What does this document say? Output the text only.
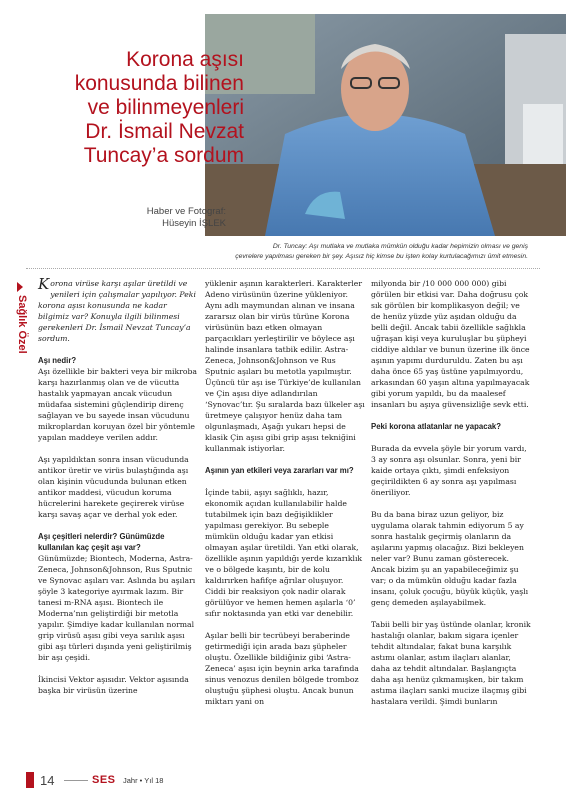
Korona aşısı
konusunda bilinen
ve bilinmeyenleri
Dr. İsmail Nevzat
Tuncay’a sordum
Haber ve Fotograf:
Hüseyin İŞLEK
Dr. Tuncay: Aşı mutlaka ve mutlaka mümkün olduğu kadar hepimizin olması ve geniş
çevrelere yapılması gereken bir şey. Aşısız hiç kimse bu işten kolay kurtulacağımızı ümit etmesin.
Sağlık Özel

Korona virüse karşı aşılar üretildi ve yenileri için çalışmalar yapılıyor. Peki korona aşısı konusunda ne kadar bilgimiz var? Konuyla ilgili bilinmesi gerekenleri Dr. İsmail Nevzat Tuncay’a sordum.

Aşı nedir?

Aşı özellikle bir bakteri veya bir mikroba karşı hazırlanmış olan ve de vücutta hastalık yapmayan ancak vücudun müdafaa sistemini güçlendirip direnç sağlayan ve bu sayede insan vücudunu mikroplardan koruyan özel bir yöntemle yapılan maddeye verilen addır.

Aşı yapıldıktan sonra insan vücudunda antikor üretir ve virüs bulaştığında aşı olan kişinin vücudunda bulunan etken antikor maddesi, vücudun koruma hücrelerini harekete geçirerek virüse karşı savaş açar ve derhal yok eder.

Aşı çeşitleri nelerdir? Günümüzde kullanılan kaç çeşit aşı var?

Günümüzde; Biontech, Moderna, Astra-Zeneca, Johnson&Johnson, Rus Sputnic ve Synovac aşıları var. Aslında bu aşıları şöyle 3 kategoriye ayırmak lazım. Bir tanesi m-RNA aşısı. Biontech ile Moderna’nın geliştirdiği bir metotla yapılır. Şimdiye kadar kullanılan normal grip virüsü aşısı gibi veya sarılık aşısı gibi aşı türleri dışında yeni geliştirilmiş bir aşı çeşidi.

İkincisi Vektor aşısıdır. Vektor aşısında başka bir virüsün üzerine

yüklenir aşının karakterleri. Karakterler Adeno virüsünün üzerine yükleniyor. Aynı adlı maymundan alınan ve insana zararsız olan bir virüs türüne Korona virüsünün bazı etken olmayan parçacıkları yerleştirilir ve böylece aşı halinde insanlara tatbik edilir. Astra-Zeneca, Johnson&Johnson ve Rus Sputnic aşıları bu metotla yapılmıştır. Üçüncü tür aşı ise Türkiye’de kullanılan ve Çin aşısı diye adlandırılan ‘Synovac’tır. Şu sıralarda bazı ülkeler aşı üretmeye çalışıyor henüz daha tam olgunlaşmadı, Aşağı yukarı hepsi de klasik Çin aşısı gibi grip aşısı tekniğini kullanmak istiyorlar.

Aşının yan etkileri veya zararları var mı?

İçinde tabii, aşıyı sağlıklı, hazır, ekonomik açıdan kullanılabilir halde tutabilmek için bazı değişiklikler yapılması gerekiyor. Bu sebeple mümkün olduğu kadar yan etkisi olmayan aşılar üretildi. Yan etki olarak, özellikle aşının yapıldığı yerde kızarıklık ve o bölgede kaşıntı, bir de kolu kaldırırken hafifçe ağrılar oluşuyor. Ciddi bir reaksiyon çok nadir olarak görülüyor ve hemen hemen aşılarla ‘0’ sıfır noktasında yan etki var denebilir.

Aşılar belli bir tecrübeyi beraberinde getirmediği için arada bazı şüpheler oluştu. Özellikle bildiğiniz gibi ‘Astra-Zeneca’ aşısı için beynin arka tarafında sinus venozus denilen bölgede tromboz oluştuğu şüphesi oluştu. Ancak bunun miktarı yani on

milyonda bir /10 000 000 000) gibi görülen bir etkisi var. Daha doğrusu çok sık görülen bir komplikasyon değil; ve de henüz yüzde yüz aşıdan olduğu da belli değil. Ancak tabii özellikle sağlıkla uğraşan kişi veya kuruluşlar bu şüpheyi ciddiye aldılar ve bunun üzerine ilk önce aşının yapımı durduruldu. Zaten bu aşı daha önce 65 yaş üstüne yapılmıyordu, arkasından 60 yaşın altına yapılmayacak gibi yorum yapıldı, bu da maalesef insanları bu aşıya güvensizliğe sevk etti.

Peki korona atlatanlar ne yapacak?

Burada da evvela şöyle bir yorum vardı, 3 ay sonra aşı olsunlar. Sonra, yeni bir kaide ortaya çıktı, şimdi enfeksiyon geçirildikten 6 ay sonra aşı yapılması öneriliyor.

Bu da bana biraz uzun geliyor, biz uygulama olarak tahmin ediyorum 5 ay sonra hastalık geçirmiş olanların da aşılarını yapmış olacağız. Bizi bekleyen neler var? Bunu zaman gösterecek. Ancak bizim şu an yapabileceğimiz şu var; o da mümkün olduğu kadar fazla insanı, çoluk çocuğu, büyük küçük, yaşlı genç demeden aşılayabilmek.

Tabii belli bir yaş üstünde olanlar, kronik hastalığı olanlar, bakım sigara içenler tehdit altındalar, fakat buna karşılık astımı olanlar, astım ilaçları alanlar, daha az tehdit altındalar. Başlangıçta daha aşı henüz çıkmamışken, bir takım astıma ilaçları sanki mucize ilaçmış gibi hastalara verildi. Şimdi bunların

14	SES Jahr • Yıl 18
